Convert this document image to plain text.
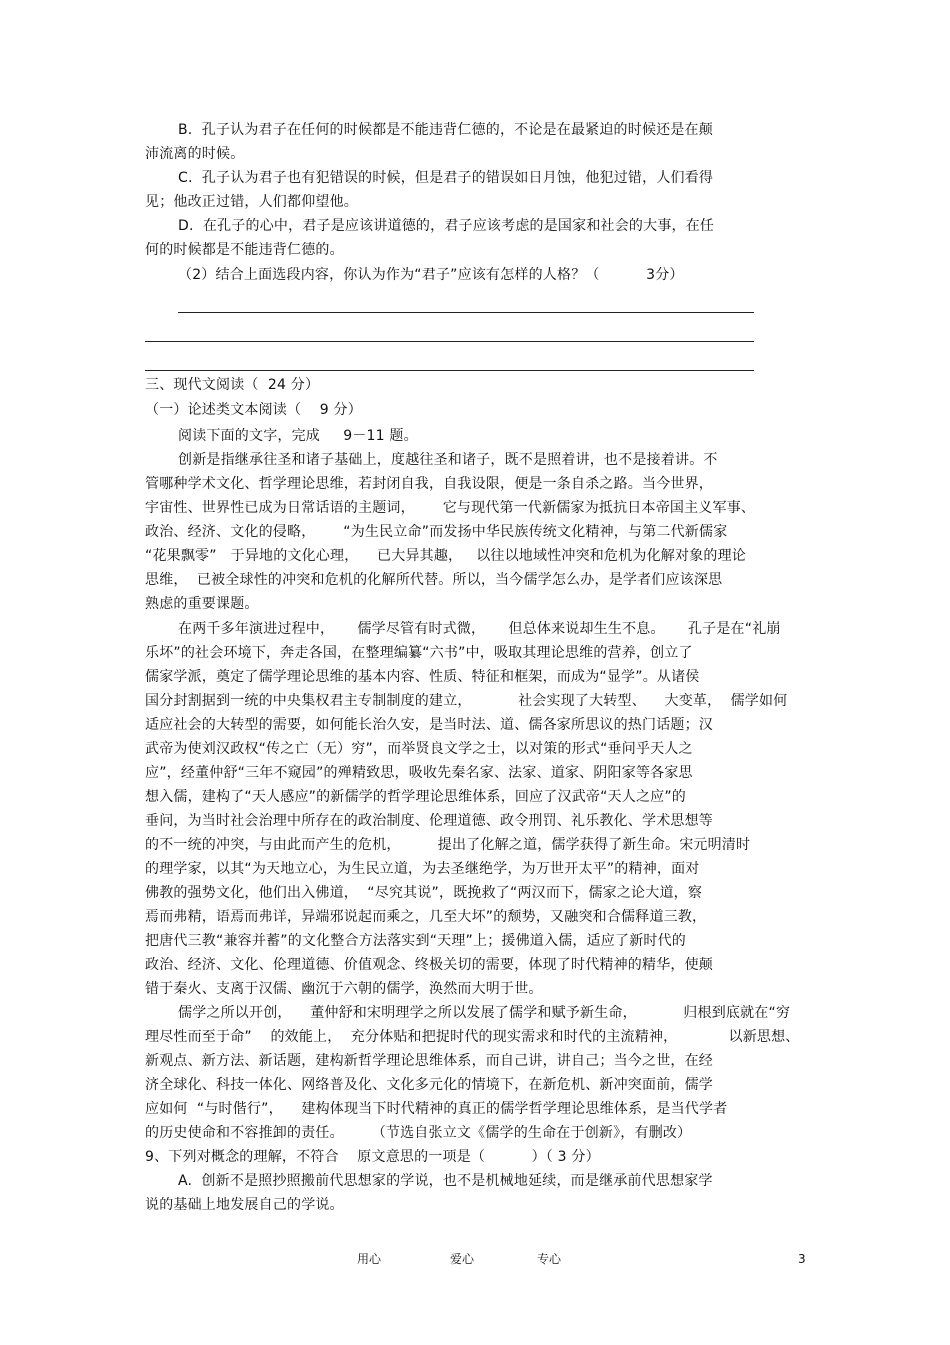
B.  孔子认为君子在任何的时候都是不能违背仁德的，不论是在最紧迫的时候还是在颠
沛流离的时候。
C.  孔子认为君子也有犯错误的时候，但是君子的错误如日月蚀，他犯过错，人们看得
见；他改正过错，人们都仰望他。
D.  在孔子的心中，君子是应该讲道德的，君子应该考虑的是国家和社会的大事，在任
何的时候都是不能违背仁德的。
（2）结合上面选段内容，你认为作为“君子”应该有怎样的人格？（          3分）
三、现代文阅读（  24 分）
（一）论述类文本阅读（    9 分）
阅读下面的文字，完成     9－11 题。
创新是指继承往圣和诸子基础上，度越往圣和诸子，既不是照着讲，也不是接着讲。不
管哪种学术文化、哲学理论思维，若封闭自我，自我设限，便是一条自杀之路。当今世界，
宇宙性、世界性已成为日常话语的主题词，      它与现代第一代新儒家为抵抗日本帝国主义军事、
政治、经济、文化的侵略，      “为生民立命”而发扬中华民族传统文化精神，与第二代新儒家
“花果飘零”   于异地的文化心理，    已大异其趣，   以往以地域性冲突和危机为化解对象的理论
思维，  已被全球性的冲突和危机的化解所代替。所以，当今儒学怎么办，是学者们应该深思
熟虑的重要课题。
在两千多年演进过程中，     儒学尽管有时式微，     但总体来说却生生不息。     孔子是在“礼崩
乐坏”的社会环境下，奔走各国，在整理编纂“六书”中，吸取其理论思维的营养，创立了
儒家学派，奠定了儒学理论思维的基本内容、性质、特征和框架，而成为“显学”。从诸侯
国分封割据到一统的中央集权君主专制制度的建立，          社会实现了大转型、    大变革，  儒学如何
适应社会的大转型的需要，如何能长治久安，是当时法、道、儒各家所思议的热门话题；汉
武帝为使刘汉政权“传之亡（无）穷”，而举贤良文学之士，以对策的形式“垂问乎天人之
应”，经董仲舒“三年不窥园”的殚精致思，吸收先秦名家、法家、道家、阴阳家等各家思
想入儒，建构了“天人感应”的新儒学的哲学理论思维体系，回应了汉武帝“天人之应”的
垂问，为当时社会治理中所存在的政治制度、伦理道德、政令刑罚、礼乐教化、学术思想等
的不一统的冲突，与由此而产生的危机，        提出了化解之道，儒学获得了新生命。宋元明清时
的理学家，以其“为天地立心，为生民立道，为去圣继绝学，为万世开太平”的精神，面对
佛教的强势文化，他们出入佛道，  “尽究其说”，既挽救了“两汉而下，儒家之论大道，察
焉而弗精，语焉而弗详，异端邪说起而乘之，几至大坏”的颓势，又融突和合儒释道三教，
把唐代三教“兼容并蓄”的文化整合方法落实到“天理”上；援佛道入儒，适应了新时代的
政治、经济、文化、伦理道德、价值观念、终极关切的需要，体现了时代精神的精华，使颠
错于秦火、支离于汉儒、幽沉于六朝的儒学，涣然而大明于世。
儒学之所以开创，    董仲舒和宋明理学之所以发展了儒学和赋予新生命，          归根到底就在“穷
理尽性而至于命”    的效能上，  充分体贴和把捉时代的现实需求和时代的主流精神，           以新思想、
新观点、新方法、新话题，建构新哲学理论思维体系，而自己讲，讲自己；当今之世，在经
济全球化、科技一体化、网络普及化、文化多元化的情境下，在新危机、新冲突面前，儒学
应如何  “与时偕行”，    建构体现当下时代精神的真正的儒学哲学理论思维体系，是当代学者
的历史使命和不容推卸的责任。      （节选自张立文《儒学的生命在于创新》，有删改）
9、下列对概念的理解，不符合    原文意思的一项是（          ）（ 3 分）
A.  创新不是照抄照搬前代思想家的学说，也不是机械地延续，而是继承前代思想家学
说的基础上地发展自己的学说。
用心	爱心	专心	3
